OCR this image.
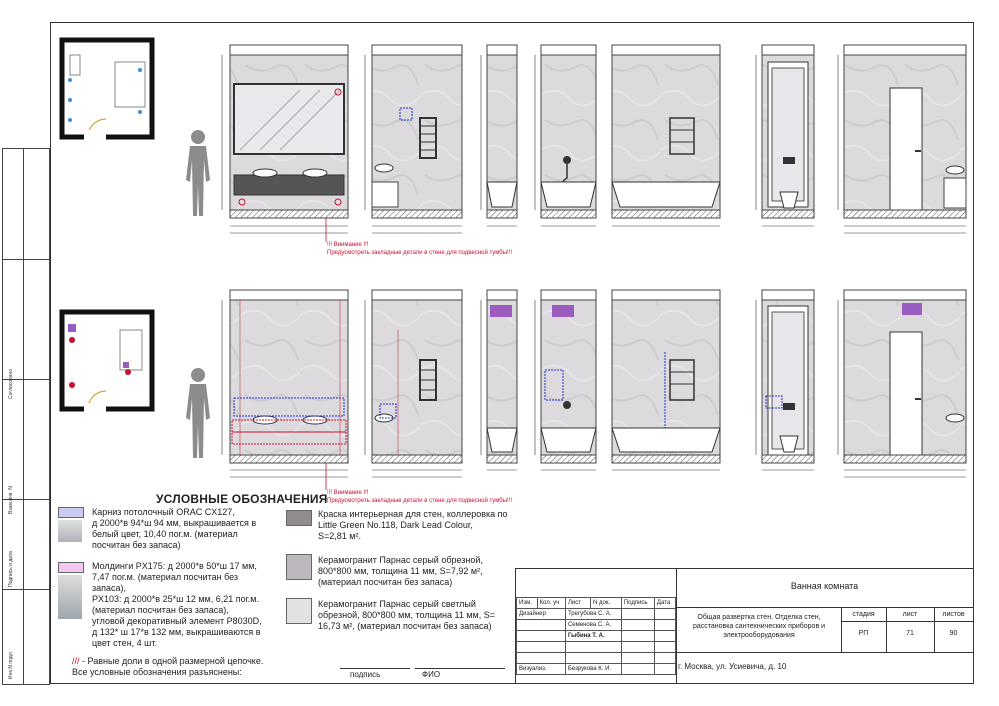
Взам.инв. N
Подпись и дата
Инв.N подл.
Согласовано
!!! Внимание !!!
Предусмотреть закладные детали в стене для подвесной тумбы!!!
!!! Внимание !!!
Предусмотреть закладные детали в стене для подвесной тумбы!!!
УСЛОВНЫЕ ОБОЗНАЧЕНИЯ
Карниз потолочный ORAC CX127,
д 2000*в 94*ш 94 мм, выкрашивается в
белый цвет, 10,40 пог.м. (материал
посчитан без запаса)
Молдинги PX175: д 2000*в 50*ш 17 мм,
7,47 пог.м. (материал посчитан без
запаса),
PX103: д 2000*в 25*ш 12 мм, 6,21 пог.м.
(материал посчитан без запаса),
угловой декоративный элемент P8030D,
д 132* ш 17*в 132 мм, выкрашиваются в
цвет стен, 4 шт.
Краска интерьерная для стен, коллеровка по
Little Green No.118, Dark Lead Colour,
S=2,81 м².
Керамогранит Парнас серый обрезной,
800*800 мм, толщина 11 мм, S=7,92 м²,
(материал посчитан без запаса)
Керамогранит Парнас серый светлый
обрезной, 800*800 мм, толщина 11 мм, S=
16,73 м², (материал посчитан без запаса)
/// - Равные доли в одной размерной цепочке.
Все условные обозначения разъяснены:	подпись	ФИО
Изм.	Кол. уч	Лист	N док.	Подпись	Дата
Дизайнер		Трегубова С. А.			
		Семенова С. А.			
		Гыбина Т. А.			

Визуализ.		Безрукова К. И.			
Ванная комната
Общая развертка стен. Отделка стен,
расстановка сантехнических приборов и
электрооборудования
стадия	лист	листов
РП	71	90
г. Москва, ул. Усиевича, д. 10
